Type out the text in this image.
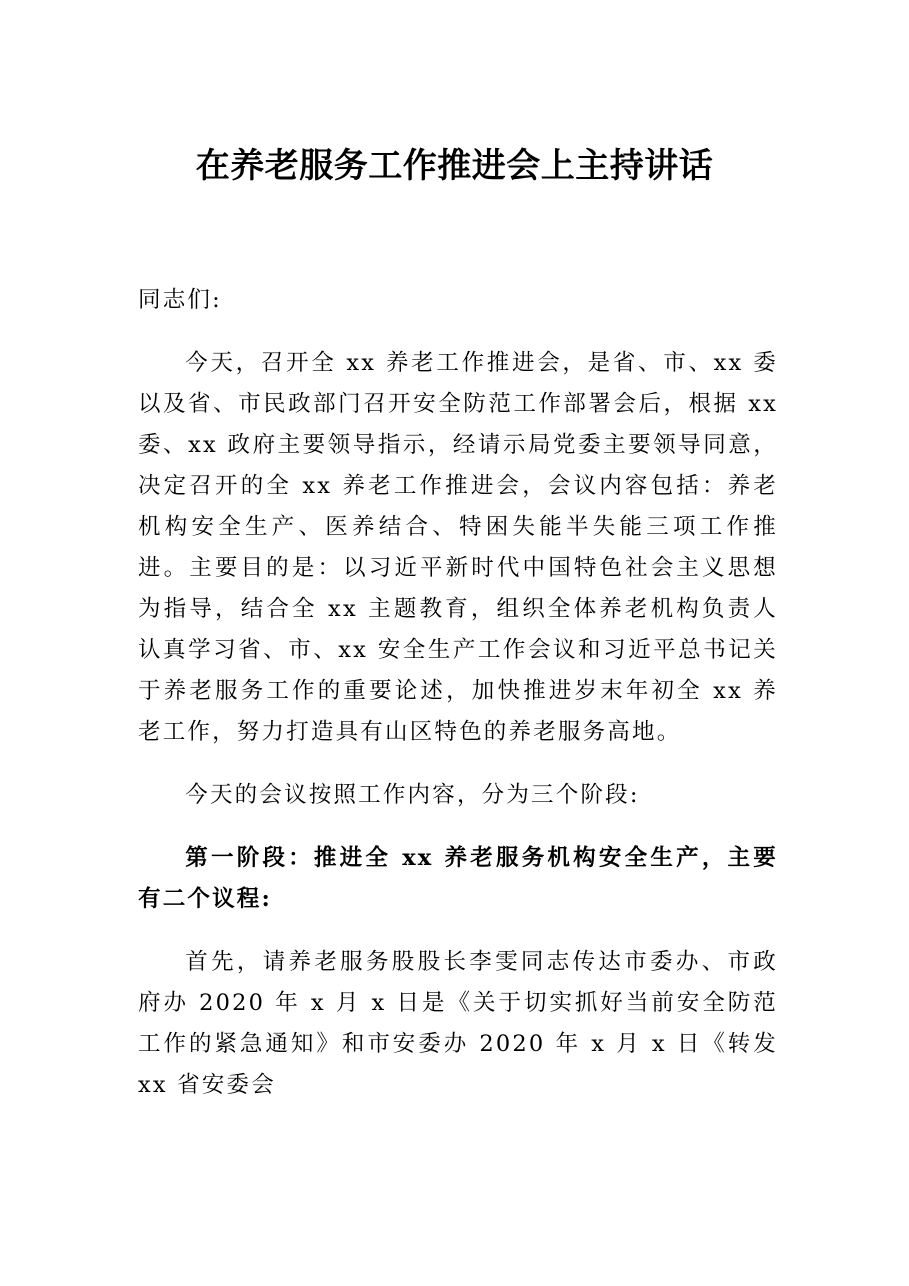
在养老服务工作推进会上主持讲话

同志们:

今天，召开全 xx 养老工作推进会，是省、市、xx 委以及省、市民政部门召开安全防范工作部署会后，根据 xx 委、xx 政府主要领导指示，经请示局党委主要领导同意，决定召开的全 xx 养老工作推进会，会议内容包括：养老机构安全生产、医养结合、特困失能半失能三项工作推进。主要目的是：以习近平新时代中国特色社会主义思想为指导，结合全 xx 主题教育，组织全体养老机构负责人认真学习省、市、xx 安全生产工作会议和习近平总书记关于养老服务工作的重要论述，加快推进岁末年初全 xx 养老工作，努力打造具有山区特色的养老服务高地。

今天的会议按照工作内容，分为三个阶段:

第一阶段：推进全 xx 养老服务机构安全生产，主要有二个议程:

首先，请养老服务股股长李雯同志传达市委办、市政府办 2020 年 x 月 x 日是《关于切实抓好当前安全防范工作的紧急通知》和市安委办 2020 年 x 月 x 日《转发 xx 省安委会
